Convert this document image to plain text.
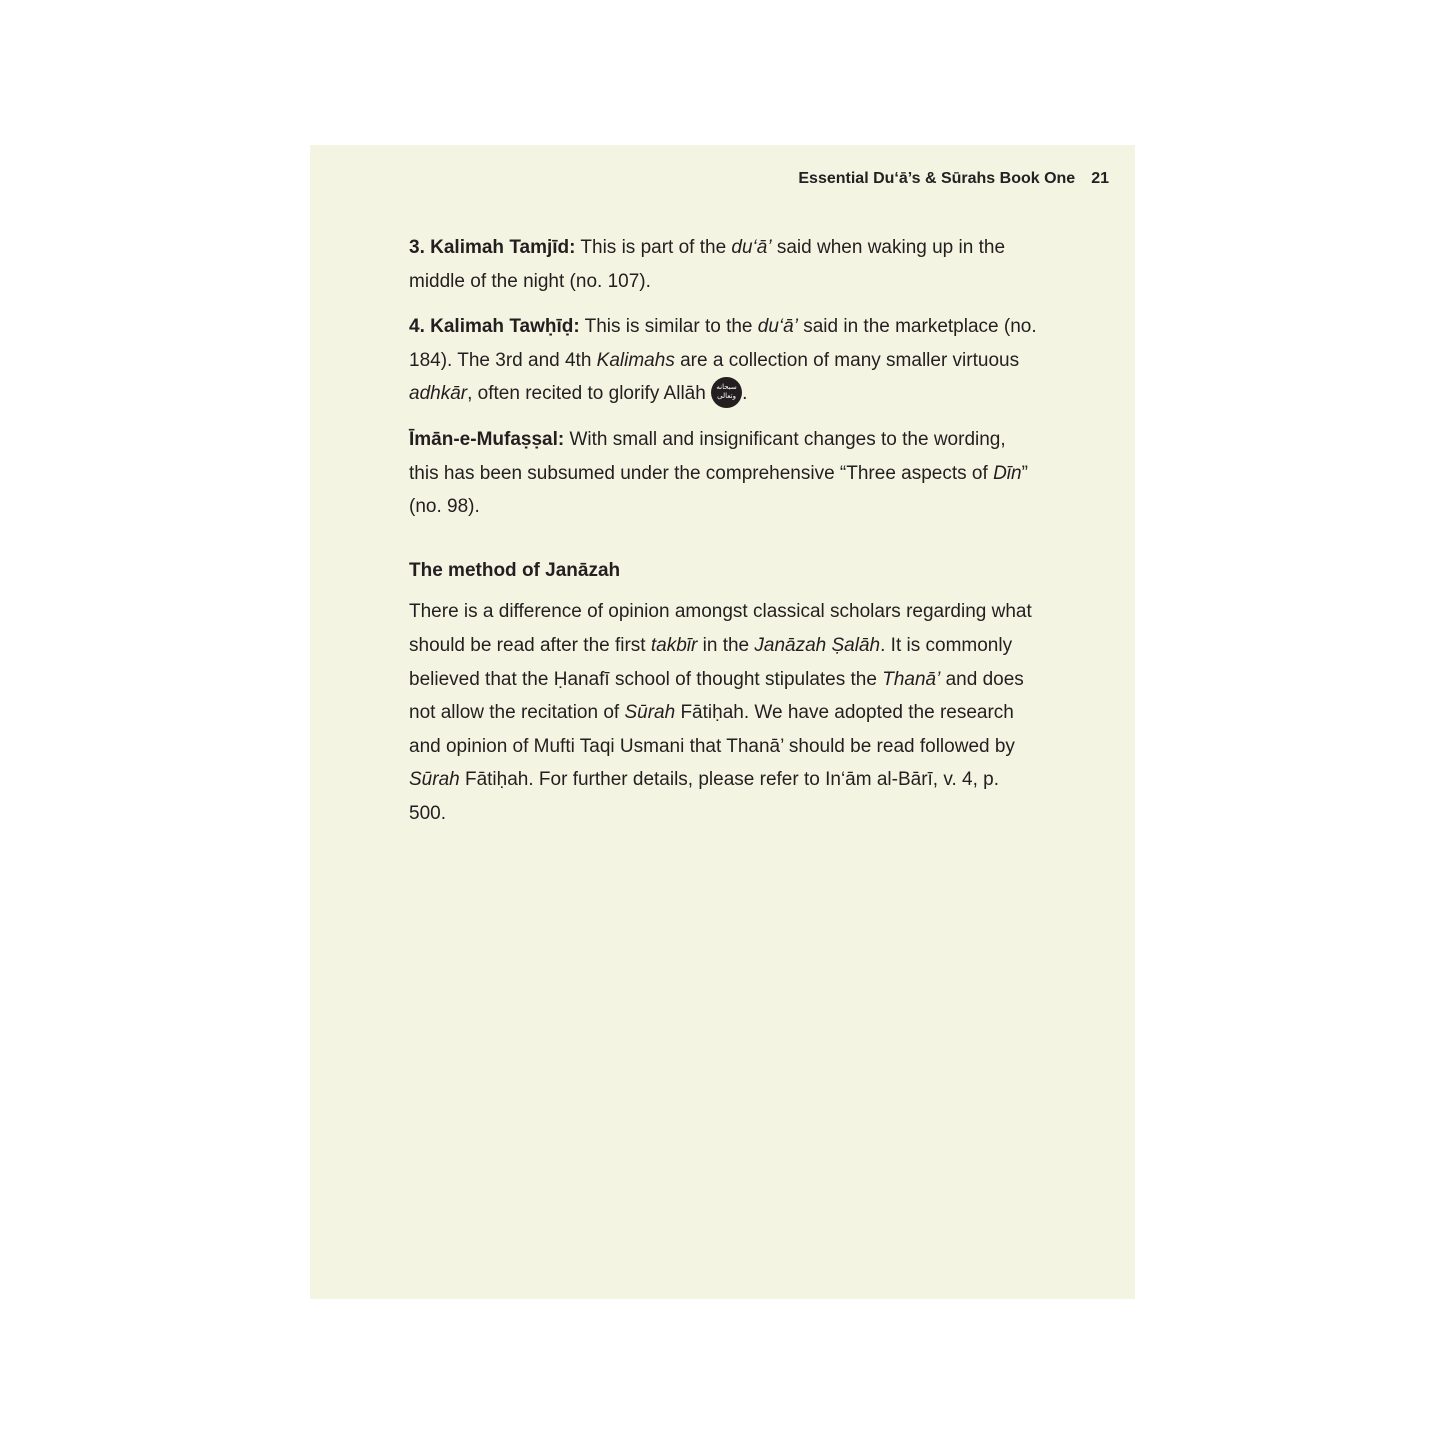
Essential Du‘ā’s & Sūrahs Book One 21

3. Kalimah Tamjīd: This is part of the du‘ā’ said when waking up in the middle of the night (no. 107).

4. Kalimah Tawḥīḍ: This is similar to the du‘ā’ said in the marketplace (no. 184). The 3rd and 4th Kalimahs are a collection of many smaller virtuous adhkār, often recited to glorify Allāh سبحانه وتعالى .

Īmān-e-Mufaṣṣal: With small and insignificant changes to the wording, this has been subsumed under the comprehensive “Three aspects of Dīn” (no. 98).

The method of Janāzah

There is a difference of opinion amongst classical scholars regarding what should be read after the first takbīr in the Janāzah Ṣalāh. It is commonly believed that the Ḥanafī school of thought stipulates the Thanā’ and does not allow the recitation of Sūrah Fātiḥah. We have adopted the research and opinion of Mufti Taqi Usmani that Thanā’ should be read followed by Sūrah Fātiḥah. For further details, please refer to In‘ām al-Bārī, v. 4, p. 500.
